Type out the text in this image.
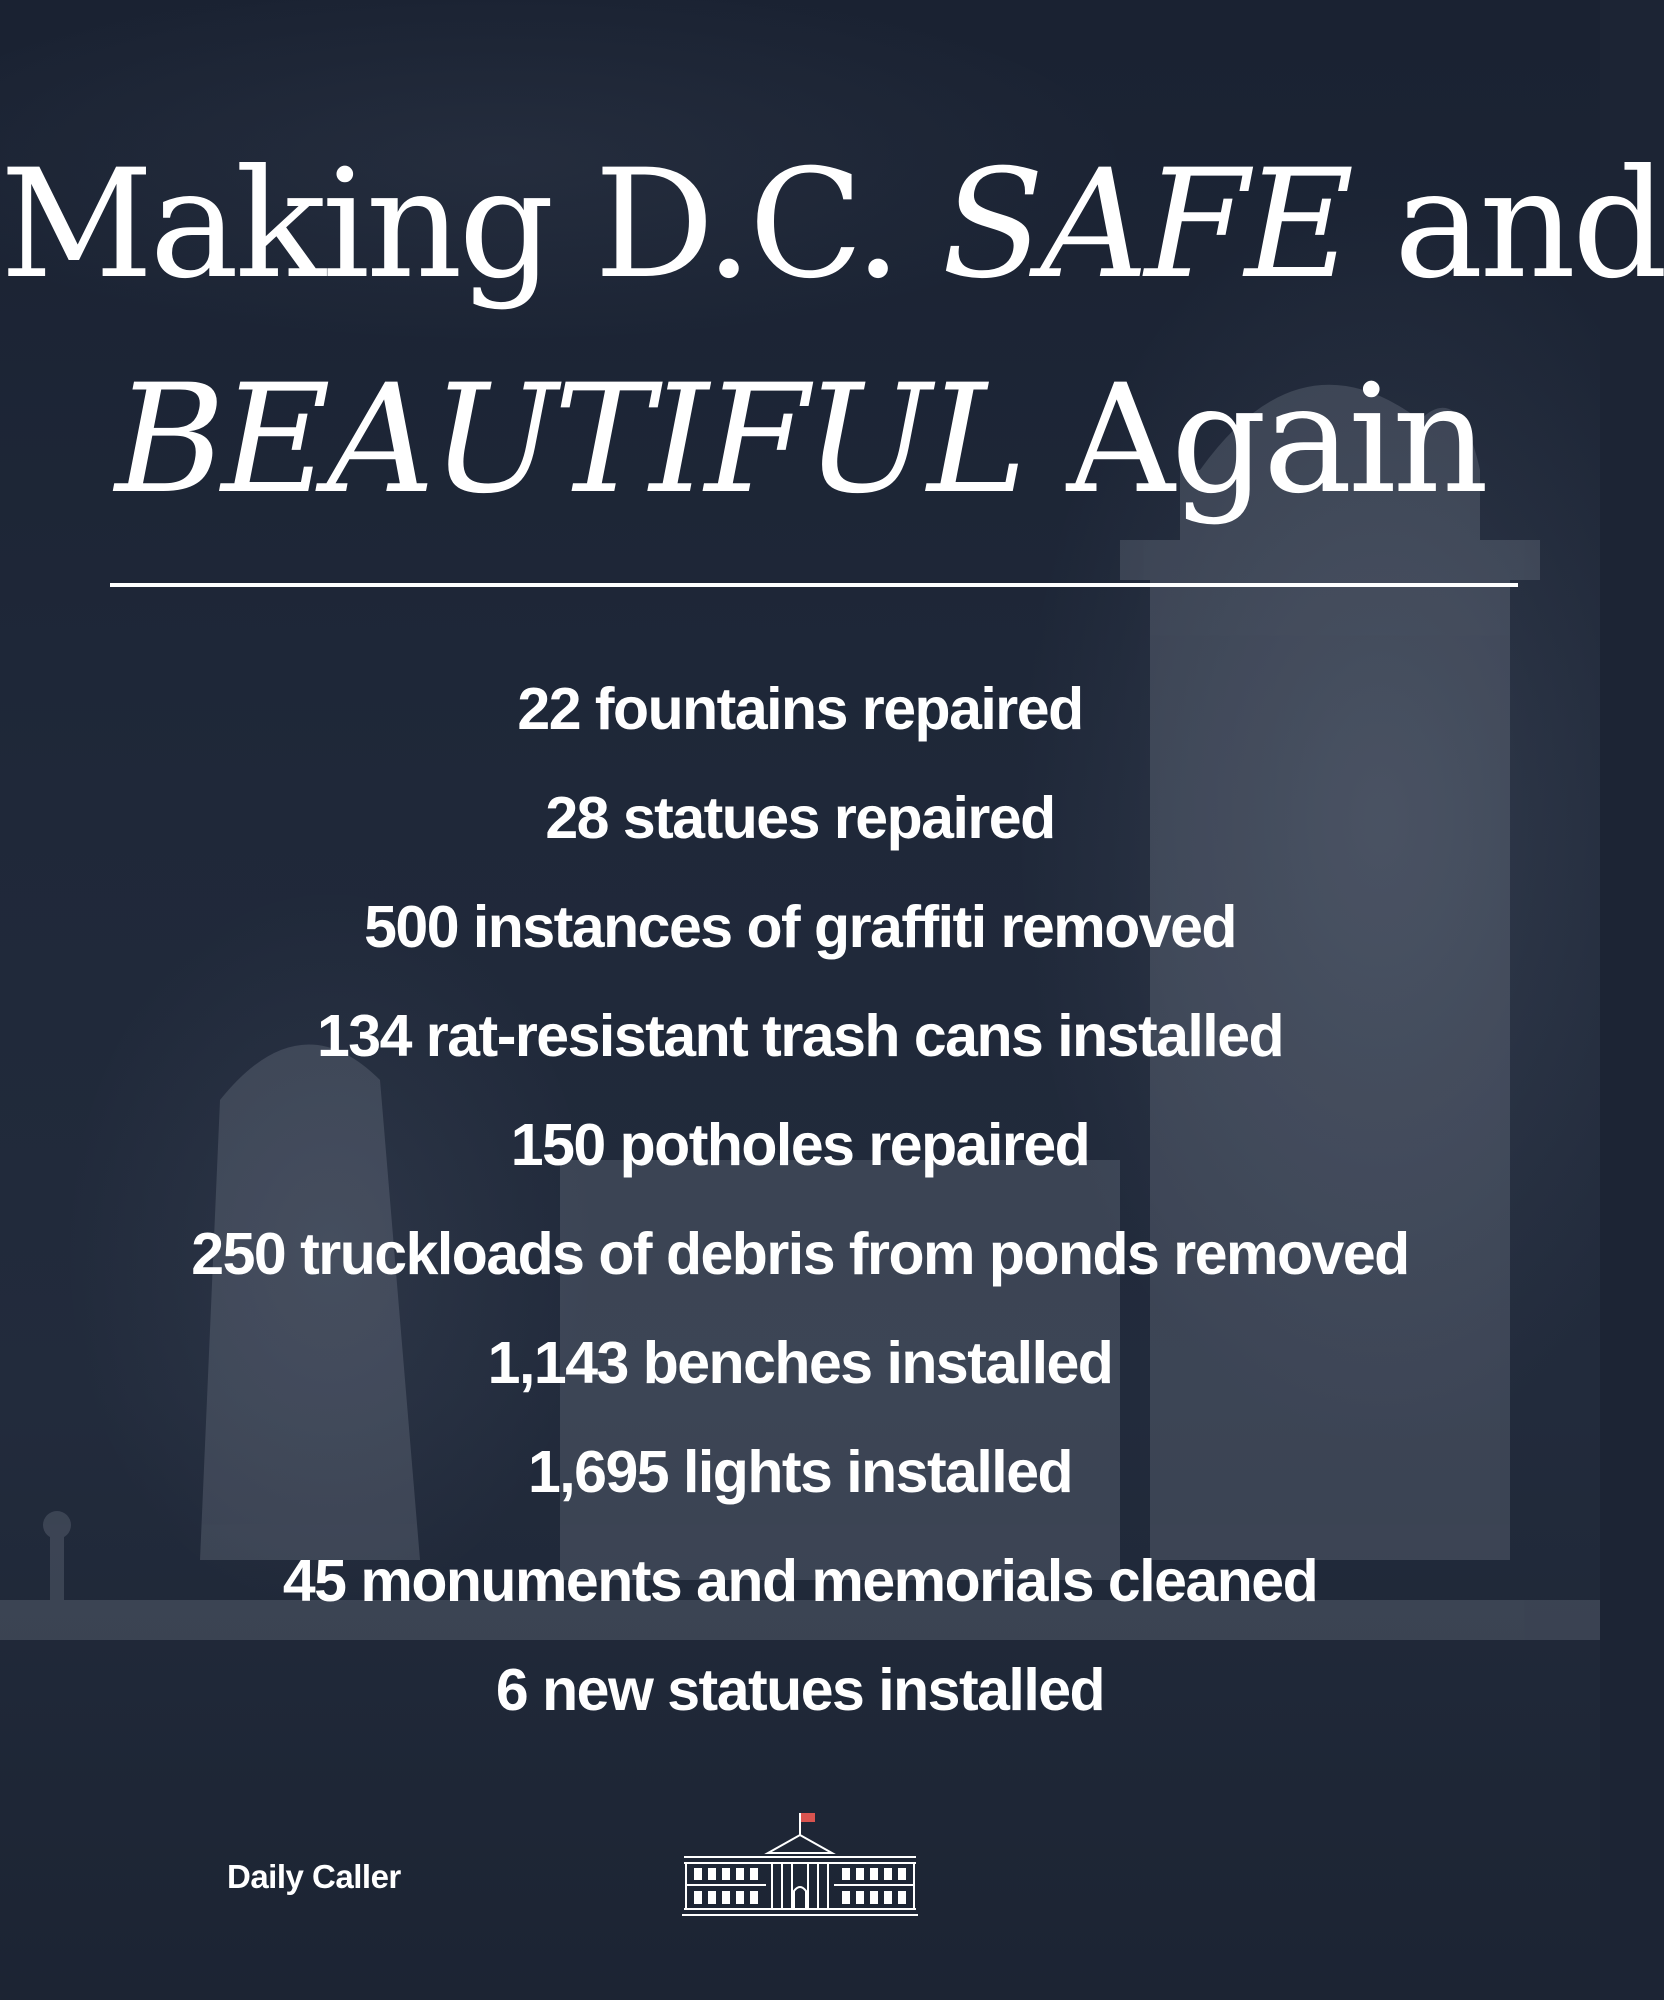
Making D.C. SAFE and
BEAUTIFUL Again
22 fountains repaired
28 statues repaired
500 instances of graffiti removed
134 rat-resistant trash cans installed
150 potholes repaired
250 truckloads of debris from ponds removed
1,143 benches installed
1,695 lights installed
45 monuments and memorials cleaned
6 new statues installed
Daily Caller
